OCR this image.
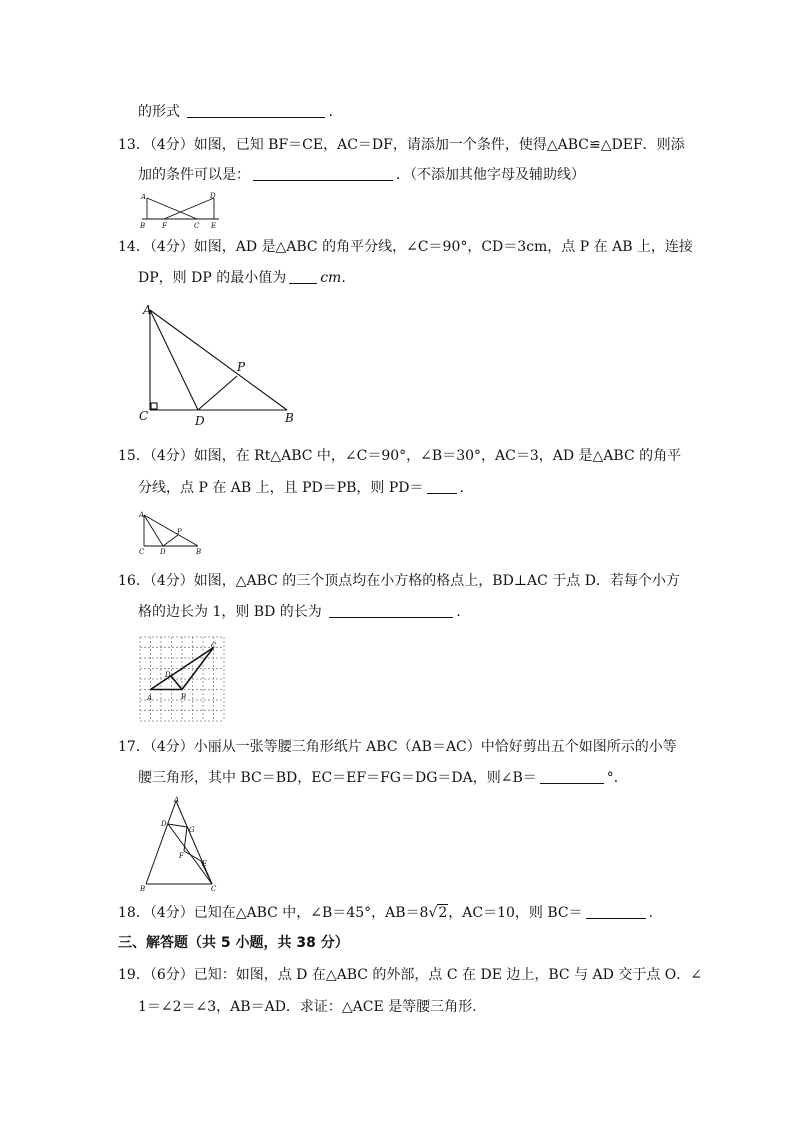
的形式	.
13．（4分）如图，已知 BF＝CE，AC＝DF，请添加一个条件，使得△ABC≌△DEF．则添
加的条件可以是：	．（不添加其他字母及辅助线）
A	D
B F	C E
14．（4分）如图，AD 是△ABC 的角平分线，∠C＝90°，CD＝3cm，点 P 在 AB 上，连接
DP，则 DP 的最小值为 cm.
A
P
C	D	B
15．（4分）如图，在 Rt△ABC 中，∠C＝90°，∠B＝30°，AC＝3，AD 是△ABC 的角平
分线，点 P 在 AB 上，且 PD＝PB，则 PD＝	.
A
P
C D	B
16．（4分）如图，△ABC 的三个顶点均在小方格的格点上，BD⊥AC 于点 D．若每个小方
格的边长为 1，则 BD 的长为	.
A	B
C
D
17．（4分）小丽从一张等腰三角形纸片 ABC（AB＝AC）中恰好剪出五个如图所示的小等
腰三角形，其中 BC＝BD，EC＝EF＝FG＝DG＝DA，则∠B＝	°．
A
D
G
F
E
B	C
18．（4分）已知在△ABC 中，∠B＝45°，AB＝8√2，AC＝10，则 BC＝	.
三、解答题（共 5 小题，共 38 分）
19．（6分）已知：如图，点 D 在△ABC 的外部，点 C 在 DE 边上，BC 与 AD 交于点 O．∠
1＝∠2＝∠3，AB＝AD．求证：△ACE 是等腰三角形.
